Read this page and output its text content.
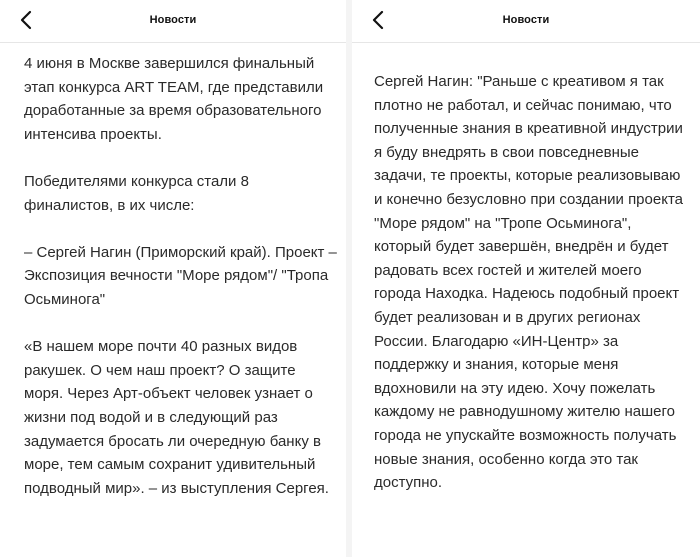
Новости

4 июня в Москве завершился финальный этап конкурса ART TEAM, где представили доработанные за время образовательного интенсива проекты.

Победителями конкурса стали 8 финалистов, в их числе:

– Сергей Нагин (Приморский край). Проект – Экспозиция вечности "Море рядом"/ "Тропа Осьминога"

«В нашем море почти 40 разных видов ракушек. О чем наш проект? О защите моря. Через Арт-объект человек узнает о жизни под водой и в следующий раз задумается бросать ли очередную банку в море, тем самым сохранит удивительный подводный мир». – из выступления Сергея.

Новости

Сергей Нагин: "Раньше с креативом я так плотно не работал, и сейчас понимаю, что полученные знания в креативной индустрии я буду внедрять в свои повседневные задачи, те проекты, которые реализовываю и конечно безусловно при создании проекта "Море рядом" на "Тропе Осьминога", который будет завершён, внедрён и будет радовать всех гостей и жителей моего города Находка. Надеюсь подобный проект будет реализован и в других регионах России. Благодарю «ИН-Центр» за поддержку и знания, которые меня вдохновили на эту идею. Хочу пожелать каждому не равнодушному жителю нашего города не упускайте возможность получать новые знания, особенно когда это так доступно.
